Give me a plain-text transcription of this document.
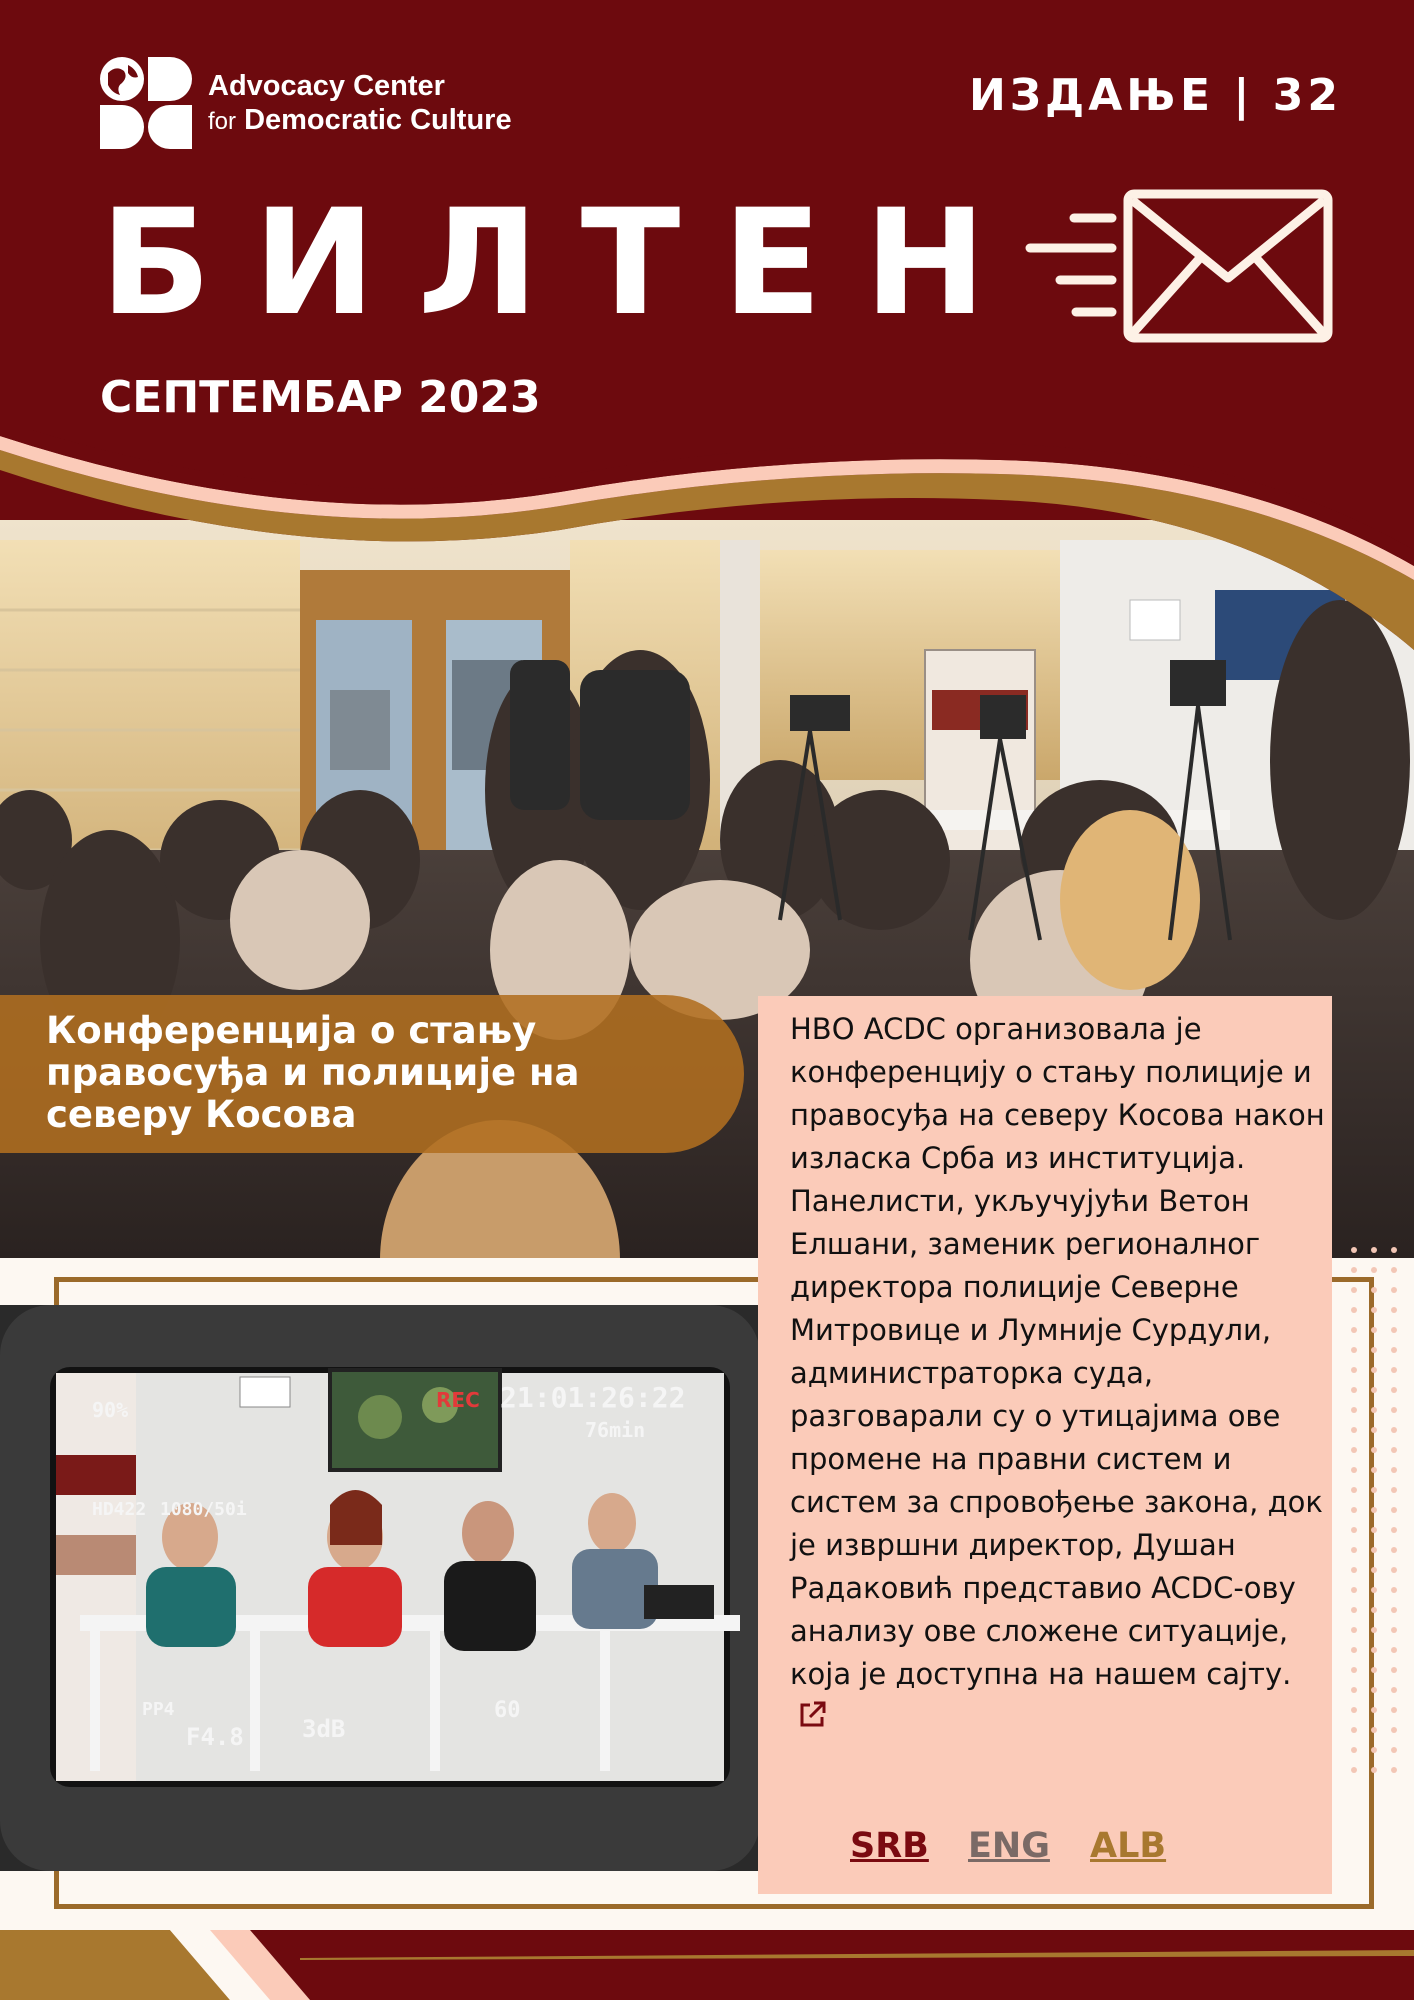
Advocacy Center
for Democratic Culture	ИЗДАЊЕ | 32
БИЛТЕН
СЕПТЕМБАР 2023
Конференција о стању правосуђа и полиције на северу Косова
90%	21:01:26:22
76min
HD422 1080/50i
F4.8 3dB
60
PP4
REC
НВО ACDC организовала је конференцију о стању полиције и правосуђа на северу Косова након изласка Срба из институција. Панелисти, укључујући Ветон Елшани, заменик регионалног директора полиције Северне Митровице и Лумније Сурдули, администраторка суда, разговарали су о утицајима ове промене на правни систем и систем за спровођење закона, док је извршни директор, Душан Радаковић представио ACDC-ову анализу ове сложене ситуације, која је доступна на нашем сајту.
SRB ENG ALB
